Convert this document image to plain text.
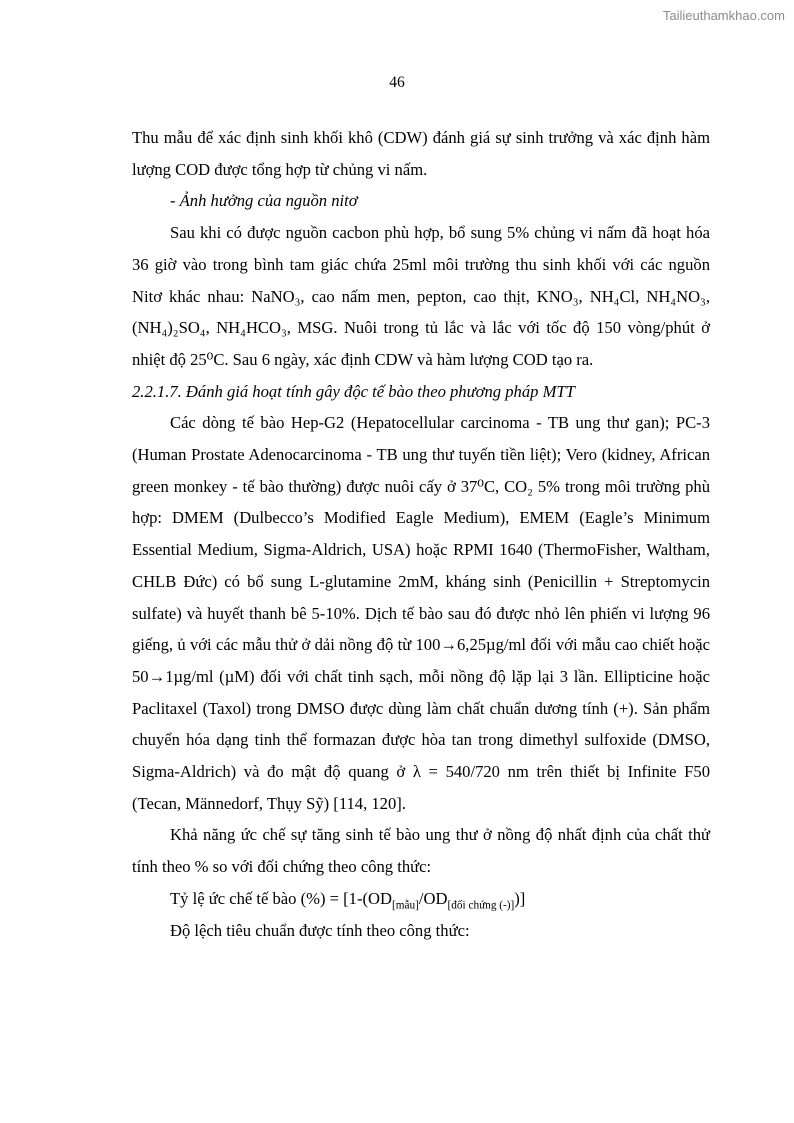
Tailieuthamkhao.com
46

Thu mẫu để xác định sinh khối khô (CDW) đánh giá sự sinh trưởng và xác định hàm lượng COD được tổng hợp từ chủng vi nấm.

- Ảnh hưởng của nguồn nitơ

Sau khi có được nguồn cacbon phù hợp, bổ sung 5% chủng vi nấm đã hoạt hóa 36 giờ vào trong bình tam giác chứa 25ml môi trường thu sinh khối với các nguồn Nitơ khác nhau: NaNO₃, cao nấm men, pepton, cao thịt, KNO₃, NH₄Cl, NH₄NO₃, (NH₄)₂SO₄, NH₄HCO₃, MSG. Nuôi trong tủ lắc và lắc với tốc độ 150 vòng/phút ở nhiệt độ 25⁰C. Sau 6 ngày, xác định CDW và hàm lượng COD tạo ra.

2.2.1.7. Đánh giá hoạt tính gây độc tế bào theo phương pháp MTT

Các dòng tế bào Hep-G2 (Hepatocellular carcinoma - TB ung thư gan); PC-3 (Human Prostate Adenocarcinoma - TB ung thư tuyến tiền liệt); Vero (kidney, African green monkey - tế bào thường) được nuôi cấy ở 37⁰C, CO₂ 5% trong môi trường phù hợp: DMEM (Dulbecco’s Modified Eagle Medium), EMEM (Eagle’s Minimum Essential Medium, Sigma-Aldrich, USA) hoặc RPMI 1640 (ThermoFisher, Waltham, CHLB Đức) có bổ sung L-glutamine 2mM, kháng sinh (Penicillin + Streptomycin sulfate) và huyết thanh bê 5-10%. Dịch tế bào sau đó được nhỏ lên phiến vi lượng 96 giếng, ủ với các mẫu thử ở dải nồng độ từ 100→6,25µg/ml đối với mẫu cao chiết hoặc 50→1µg/ml (µM) đối với chất tinh sạch, mỗi nồng độ lặp lại 3 lần. Ellipticine hoặc Paclitaxel (Taxol) trong DMSO được dùng làm chất chuẩn dương tính (+). Sản phẩm chuyển hóa dạng tinh thể formazan được hòa tan trong dimethyl sulfoxide (DMSO, Sigma-Aldrich) và đo mật độ quang ở λ = 540/720 nm trên thiết bị Infinite F50 (Tecan, Männedorf, Thụy Sỹ) [114, 120].

Khả năng ức chế sự tăng sinh tế bào ung thư ở nồng độ nhất định của chất thử tính theo % so với đối chứng theo công thức:

Tỷ lệ ức chế tế bào (%) = $[1-(OD_{[mẫu]}/OD_{[đối chứng (-)]})]$

Độ lệch tiêu chuẩn được tính theo công thức:
